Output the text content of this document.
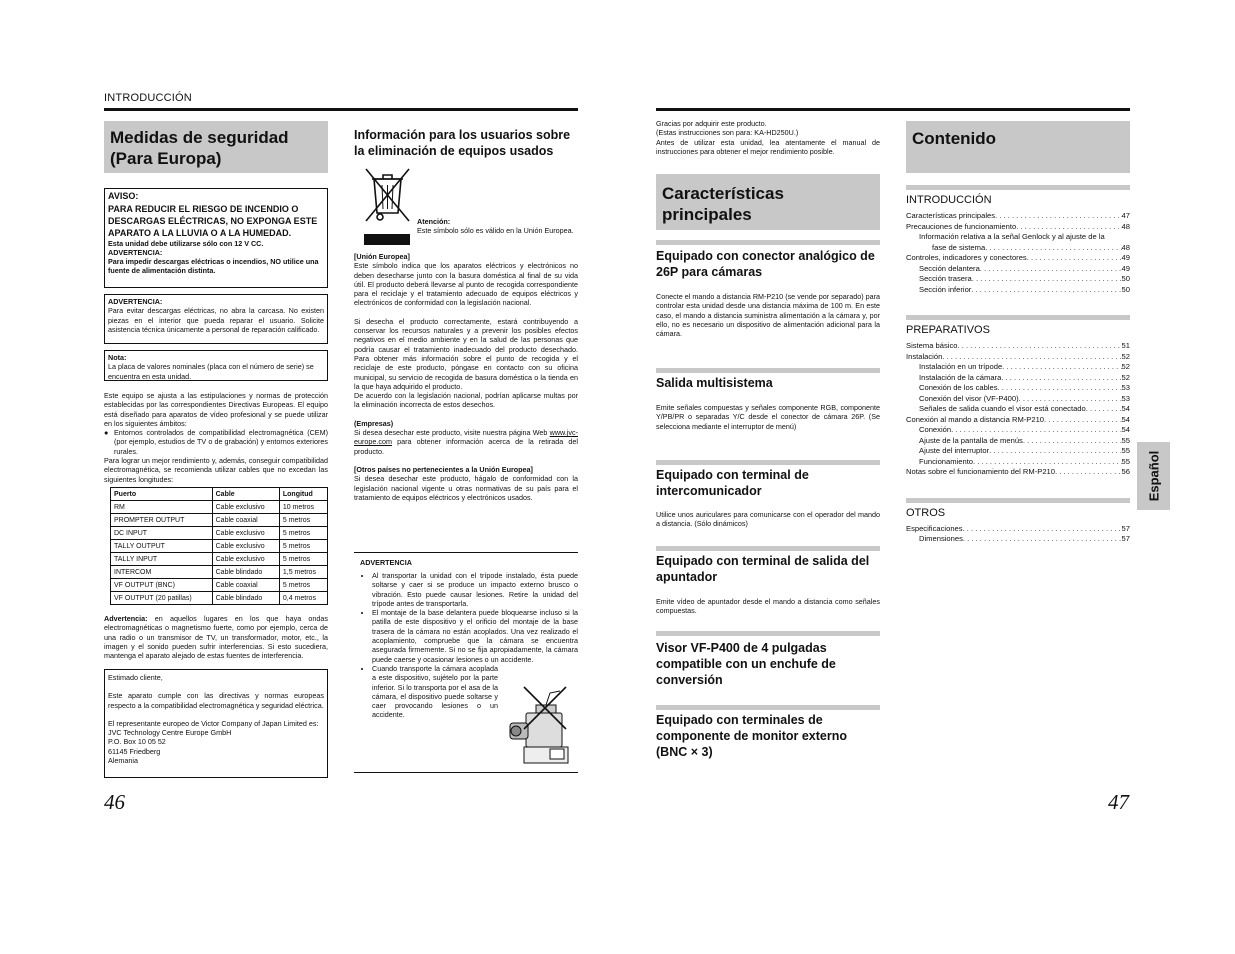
INTRODUCCIÓN
Medidas de seguridad
(Para Europa)
AVISO:
PARA REDUCIR EL RIESGO DE INCENDIO O DESCARGAS ELÉCTRICAS, NO EXPONGA ESTE APARATO A LA LLUVIA O A LA HUMEDAD.
Esta unidad debe utilizarse sólo con 12 V CC.
ADVERTENCIA:
Para impedir descargas eléctricas o incendios, NO utilice una fuente de alimentación distinta.
ADVERTENCIA:
Para evitar descargas eléctricas, no abra la carcasa. No existen piezas en el interior que pueda reparar el usuario. Solicite asistencia técnica únicamente a personal de reparación calificado.
Nota:
La placa de valores nominales (placa con el número de serie) se encuentra en esta unidad.
Este equipo se ajusta a las estipulaciones y normas de protección establecidas por las correspondientes Directivas Europeas. El equipo está diseñado para aparatos de vídeo profesional y se puede utilizar en los siguientes ámbitos:
● Entornos controlados de compatibilidad electromagnética (CEM) (por ejemplo, estudios de TV o de grabación) y entornos exteriores rurales.
Para lograr un mejor rendimiento y, además, conseguir compatibilidad electromagnética, se recomienda utilizar cables que no excedan las siguientes longitudes:
Puerto	Cable	Longitud
RM	Cable exclusivo	10 metros
PROMPTER OUTPUT	Cable coaxial	5 metros
DC INPUT	Cable exclusivo	5 metros
TALLY OUTPUT	Cable exclusivo	5 metros
TALLY INPUT	Cable exclusivo	5 metros
INTERCOM	Cable blindado	1,5 metros
VF OUTPUT (BNC)	Cable coaxial	5 metros
VF OUTPUT (20 patillas)	Cable blindado	0,4 metros
Advertencia: en aquellos lugares en los que haya ondas electromagnéticas o magnetismo fuerte, como por ejemplo, cerca de una radio o un transmisor de TV, un transformador, motor, etc., la imagen y el sonido pueden sufrir interferencias. Si esto sucediera, mantenga el aparato alejado de estas fuentes de interferencia.
Estimado cliente,
Este aparato cumple con las directivas y normas europeas respecto a la compatibilidad electromagnética y seguridad eléctrica.
El representante europeo de Victor Company of Japan Limited es:
JVC Technology Centre Europe GmbH
P.O. Box 10 05 52
61145 Friedberg
Alemania
46
Información para los usuarios sobre la eliminación de equipos usados
Atención:
Este símbolo sólo es válido en la Unión Europea.
[Unión Europea]
Este símbolo indica que los aparatos eléctricos y electrónicos no deben desecharse junto con la basura doméstica al final de su vida útil. El producto deberá llevarse al punto de recogida correspondiente para el reciclaje y el tratamiento adecuado de equipos eléctricos y electrónicos de conformidad con la legislación nacional.
Si desecha el producto correctamente, estará contribuyendo a conservar los recursos naturales y a prevenir los posibles efectos negativos en el medio ambiente y en la salud de las personas que podría causar el tratamiento inadecuado del producto desechado. Para obtener más información sobre el punto de recogida y el reciclaje de este producto, póngase en contacto con su oficina municipal, su servicio de recogida de basura doméstica o la tienda en la que haya adquirido el producto.
De acuerdo con la legislación nacional, podrían aplicarse multas por la eliminación incorrecta de estos desechos.
(Empresas)
Si desea desechar este producto, visite nuestra página Web www.jvc-europe.com para obtener información acerca de la retirada del producto.
[Otros países no pertenecientes a la Unión Europea]
Si desea desechar este producto, hágalo de conformidad con la legislación nacional vigente u otras normativas de su país para el tratamiento de equipos eléctricos y electrónicos usados.
ADVERTENCIA
• Al transportar la unidad con el trípode instalado, ésta puede soltarse y caer si se produce un impacto externo brusco o vibración. Esto puede causar lesiones. Retire la unidad del trípode antes de transportarla.
• El montaje de la base delantera puede bloquearse incluso si la patilla de este dispositivo y el orificio del montaje de la base trasera de la cámara no están acoplados. Una vez realizado el acoplamiento, compruebe que la cámara se encuentra asegurada firmemente. Si no se fija apropiadamente, la cámara puede caerse y ocasionar lesiones o un accidente.
• Cuando transporte la cámara acoplada a este dispositivo, sujételo por la parte inferior. Si lo transporta por el asa de la cámara, el dispositivo puede soltarse y caer provocando lesiones o un accidente.
Gracias por adquirir este producto.
(Estas instrucciones son para: KA-HD250U.)
Antes de utilizar esta unidad, lea atentamente el manual de instrucciones para obtener el mejor rendimiento posible.
Características principales
Equipado con conector analógico de 26P para cámaras
Conecte el mando a distancia RM-P210 (se vende por separado) para controlar esta unidad desde una distancia máxima de 100 m. En este caso, el mando a distancia suministra alimentación a la cámara y, por ello, no es necesario un dispositivo de alimentación adicional para la cámara.
Salida multisistema
Emite señales compuestas y señales componente RGB, componente Y/PB/PR o separadas Y/C desde el conector de cámara 26P. (Se selecciona mediante el interruptor de menú)
Equipado con terminal de intercomunicador
Utilice unos auriculares para comunicarse con el operador del mando a distancia. (Sólo dinámicos)
Equipado con terminal de salida del apuntador
Emite vídeo de apuntador desde el mando a distancia como señales compuestas.
Visor VF-P400 de 4 pulgadas compatible con un enchufe de conversión
Equipado con terminales de componente de monitor externo (BNC × 3)
Contenido
INTRODUCCIÓN
Características principales . . .	47
Precauciones de funcionamiento . . .	48
Información relativa a la señal Genlock y al ajuste de la
fase de sistema . . .	48
Controles, indicadores y conectores . . .	49
Sección delantera . . .	49
Sección trasera . . .	50
Sección inferior . . .	50
PREPARATIVOS
Sistema básico . . .	51
Instalación . . .	52
Instalación en un trípode . . .	52
Instalación de la cámara . . .	52
Conexión de los cables . . .	53
Conexión del visor (VF-P400) . . .	53
Señales de salida cuando el visor está conectado . . .	54
Conexión al mando a distancia RM-P210 . . .	54
Conexión . . .	54
Ajuste de la pantalla de menús . . .	55
Ajuste del interruptor . . .	55
Funcionamiento . . .	55
Notas sobre el funcionamiento del RM-P210 . . .	56
OTROS
Especificaciones . . .	57
Dimensiones . . .	57
Español
47
